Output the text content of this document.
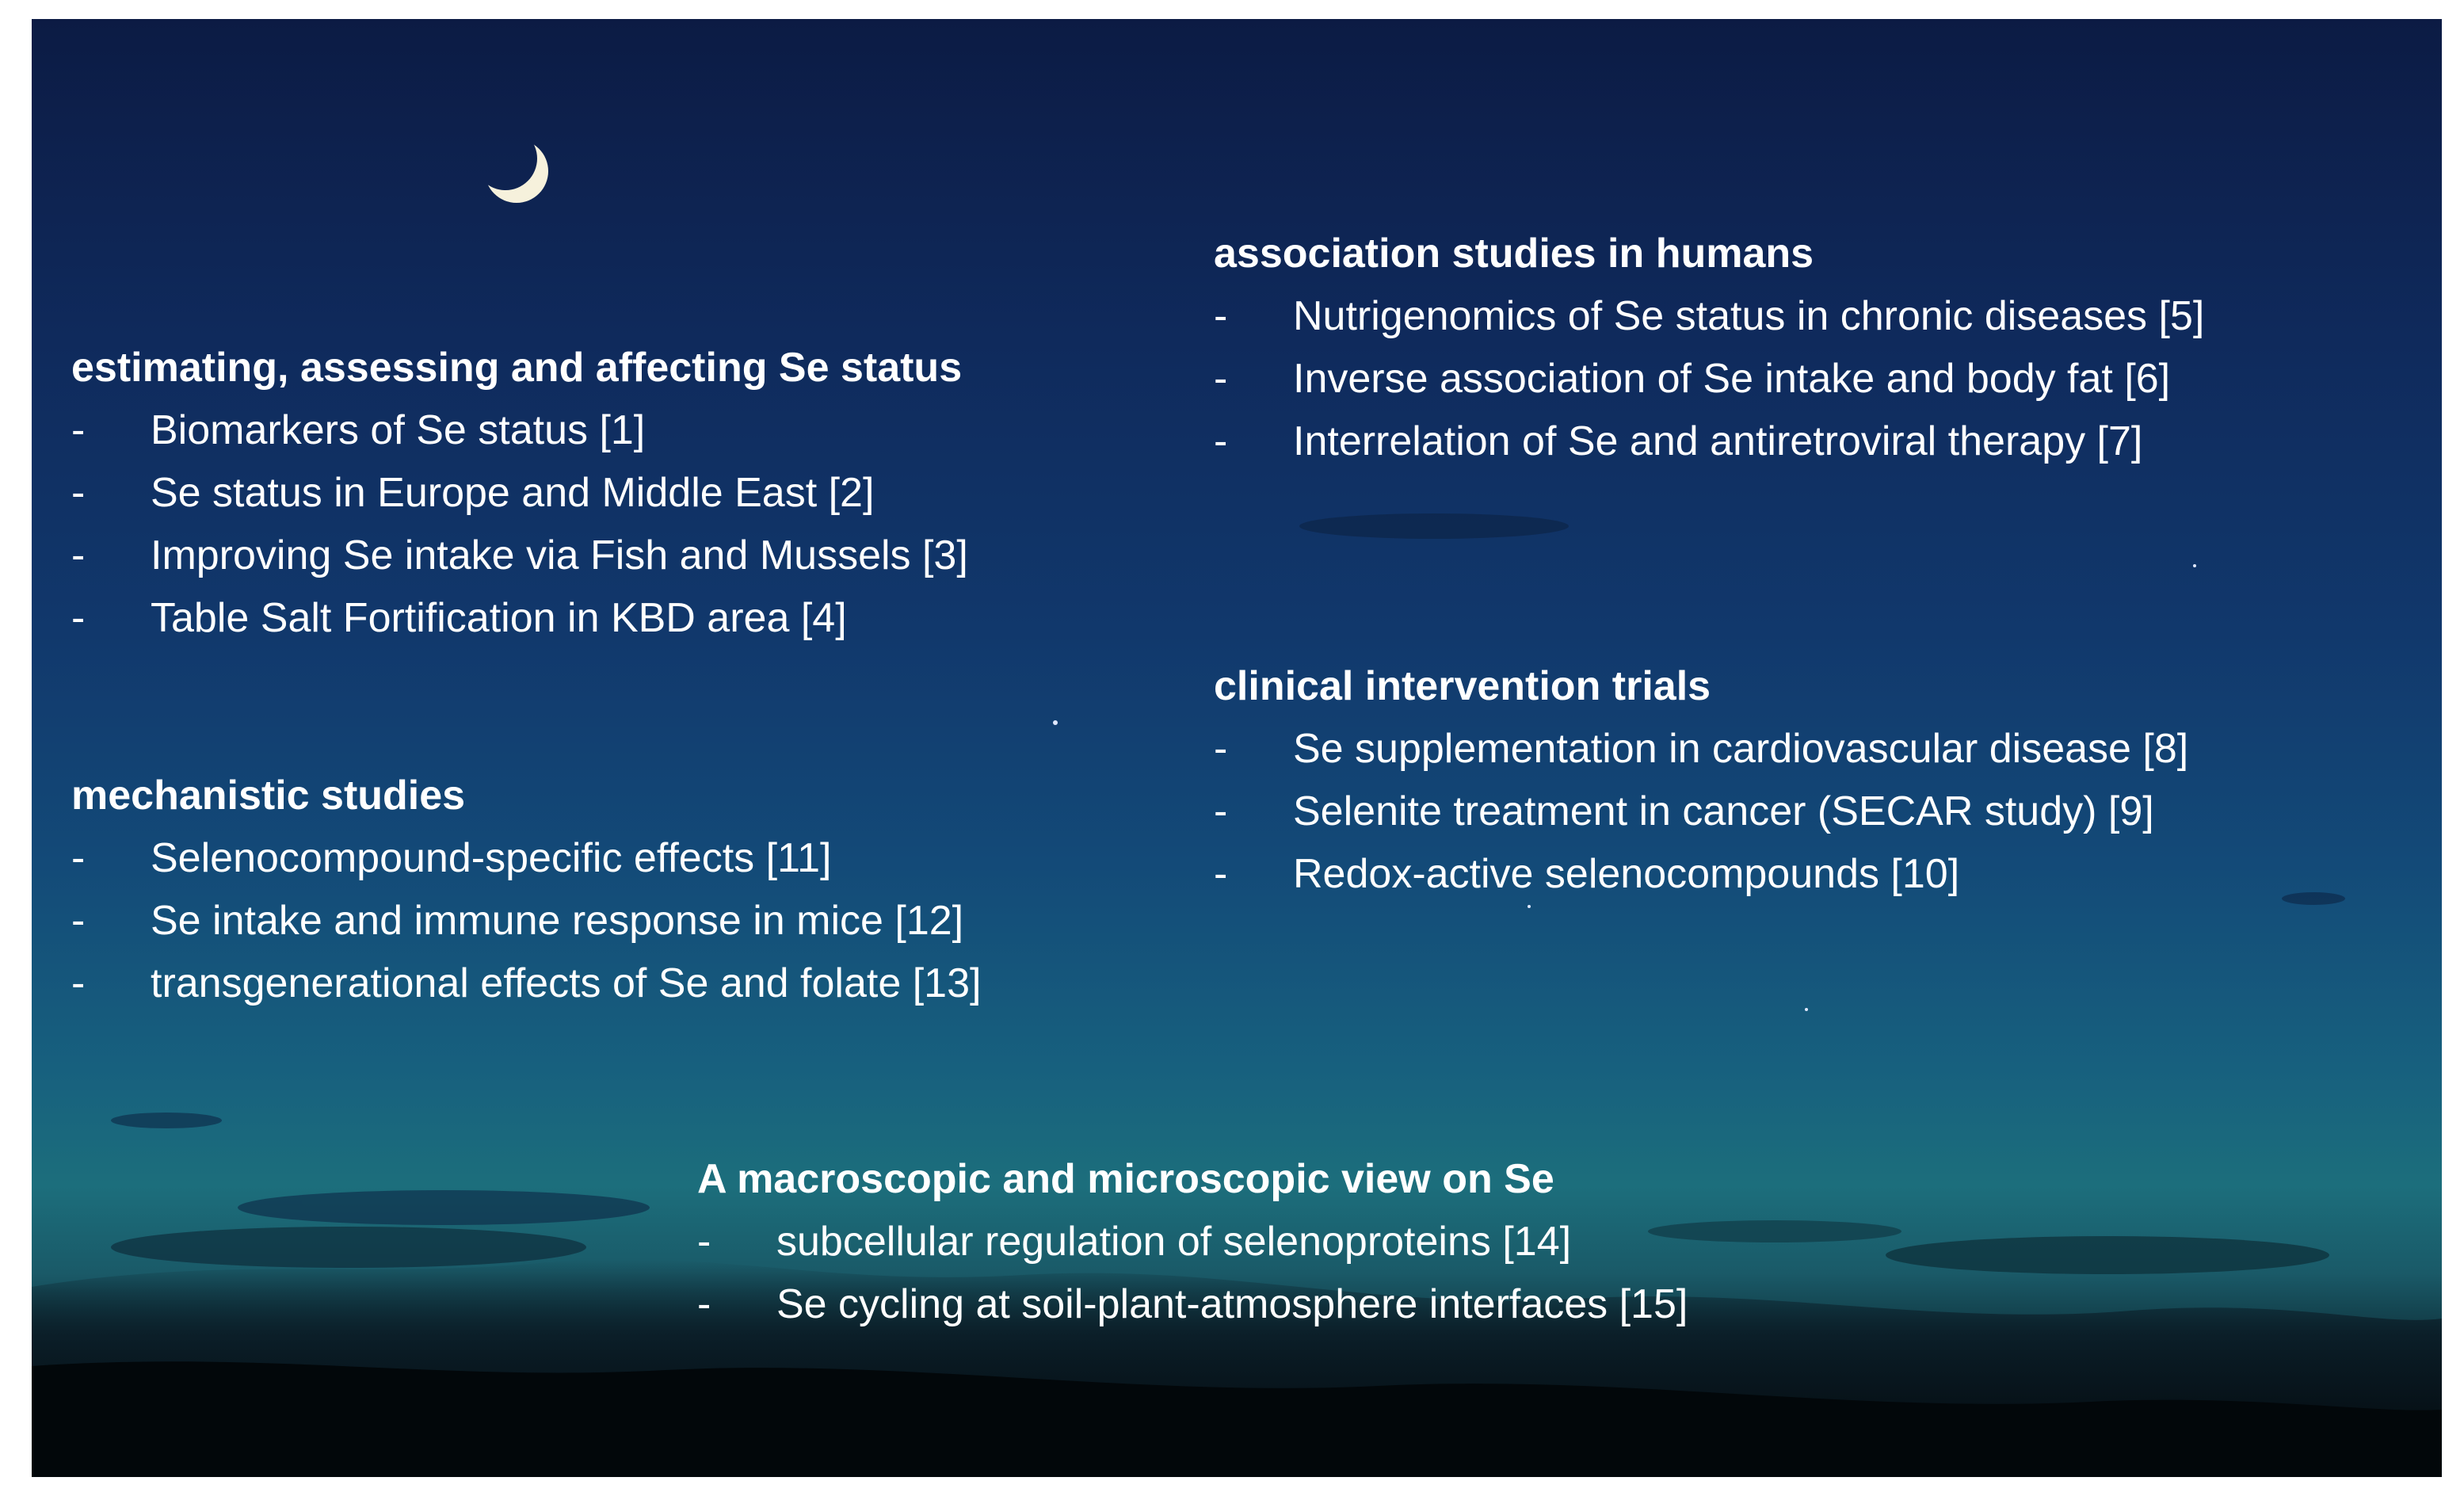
estimating, assessing and affecting Se status
-	Biomarkers of Se status [1]
-	Se status in Europe and Middle East [2]
-	Improving Se intake via Fish and Mussels [3]
-	Table Salt Fortification in KBD area [4]
mechanistic studies
-	Selenocompound-specific effects [11]
-	Se intake and immune response in mice [12]
-	transgenerational effects of Se and folate [13]
association studies in humans
-	Nutrigenomics of Se status in chronic diseases [5]
-	Inverse association of Se intake and body fat [6]
-	Interrelation of Se and antiretroviral therapy [7]
clinical intervention trials
-	Se supplementation in cardiovascular disease [8]
-	Selenite treatment in cancer (SECAR study) [9]
-	Redox-active selenocompounds [10]
A macroscopic and microscopic view on Se
-	subcellular regulation of selenoproteins [14]
-	Se cycling at soil-plant-atmosphere interfaces [15]
